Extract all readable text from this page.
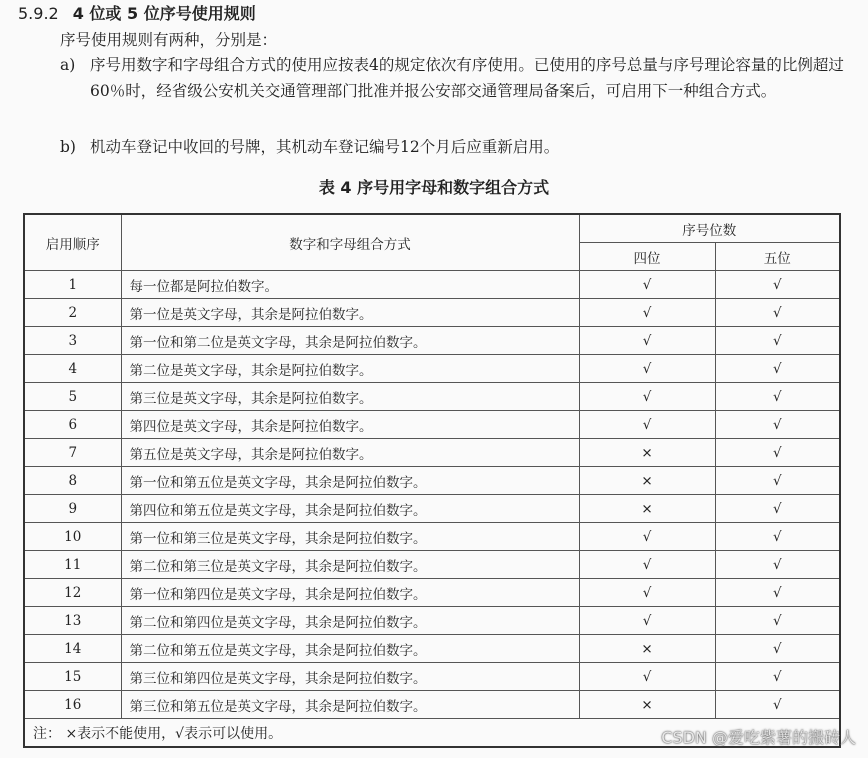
5.9.2 4 位或 5 位序号使用规则
序号使用规则有两种，分别是：
a) 序号用数字和字母组合方式的使用应按表4的规定依次有序使用。已使用的序号总量与序号理论容量的比例超过60％时，经省级公安机关交通管理部门批准并报公安部交通管理局备案后，可启用下一种组合方式。
b) 机动车登记中收回的号牌，其机动车登记编号12个月后应重新启用。
表 4 序号用字母和数字组合方式
启用顺序	数字和字母组合方式	序号位数	
		四位	五位
1	每一位都是阿拉伯数字。	√	√
2	第一位是英文字母，其余是阿拉伯数字。	√	√
3	第一位和第二位是英文字母，其余是阿拉伯数字。	√	√
4	第二位是英文字母，其余是阿拉伯数字。	√	√
5	第三位是英文字母，其余是阿拉伯数字。	√	√
6	第四位是英文字母，其余是阿拉伯数字。	√	√
7	第五位是英文字母，其余是阿拉伯数字。	×	√
8	第一位和第五位是英文字母，其余是阿拉伯数字。	×	√
9	第四位和第五位是英文字母，其余是阿拉伯数字。	×	√
10	第一位和第三位是英文字母，其余是阿拉伯数字。	√	√
11	第二位和第三位是英文字母，其余是阿拉伯数字。	√	√
12	第一位和第四位是英文字母，其余是阿拉伯数字。	√	√
13	第二位和第四位是英文字母，其余是阿拉伯数字。	√	√
14	第二位和第五位是英文字母，其余是阿拉伯数字。	×	√
15	第三位和第四位是英文字母，其余是阿拉伯数字。	√	√
16	第三位和第五位是英文字母，其余是阿拉伯数字。	×	√
注： ×表示不能使用，√表示可以使用。				CSDN @爱吃紫薯的搬砖人
